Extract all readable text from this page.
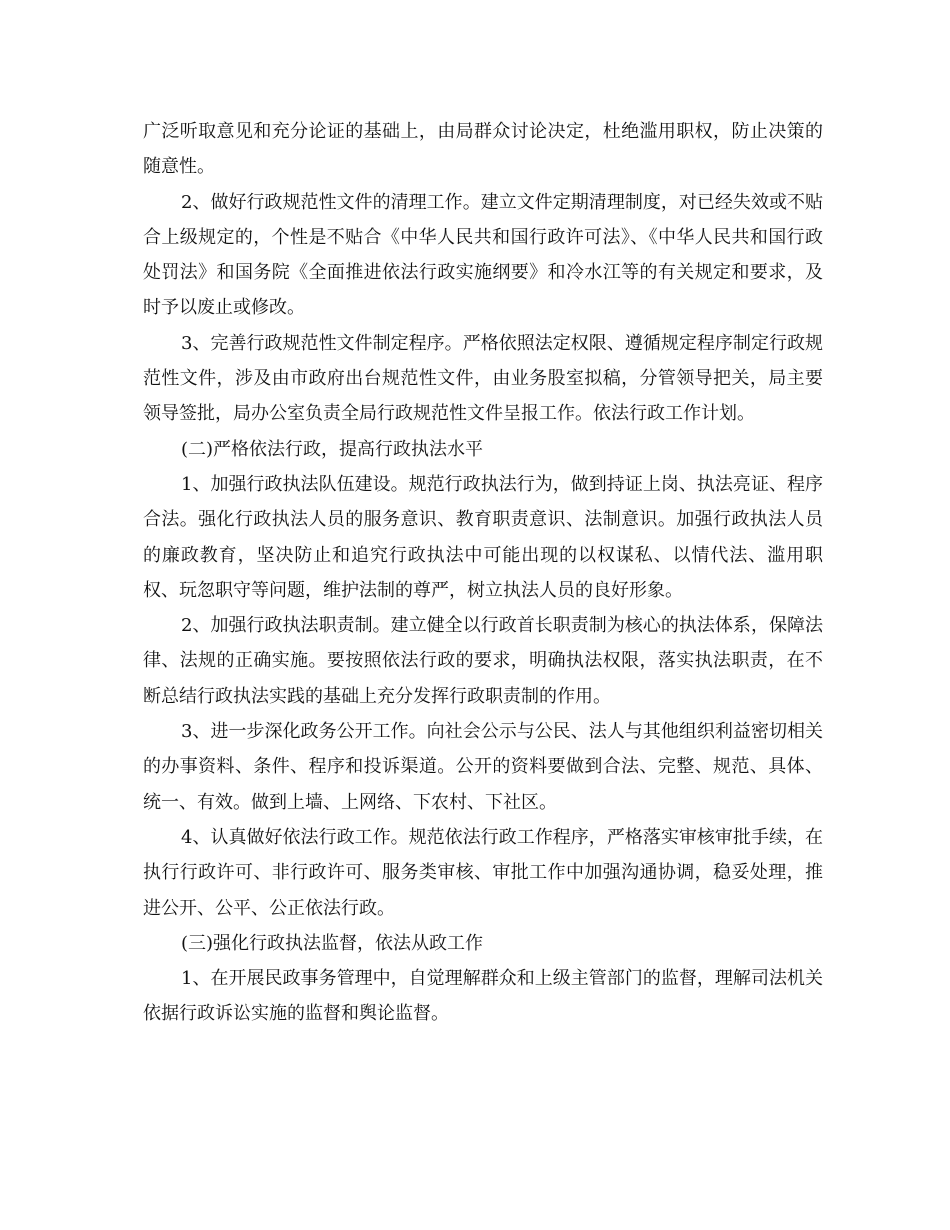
广泛听取意见和充分论证的基础上，由局群众讨论决定，杜绝滥用职权，防止决策的随意性。

2、做好行政规范性文件的清理工作。建立文件定期清理制度，对已经失效或不贴合上级规定的，个性是不贴合《中华人民共和国行政许可法》、《中华人民共和国行政处罚法》和国务院《全面推进依法行政实施纲要》和冷水江等的有关规定和要求，及时予以废止或修改。

3、完善行政规范性文件制定程序。严格依照法定权限、遵循规定程序制定行政规范性文件，涉及由市政府出台规范性文件，由业务股室拟稿，分管领导把关，局主要领导签批，局办公室负责全局行政规范性文件呈报工作。依法行政工作计划。

(二)严格依法行政，提高行政执法水平

1、加强行政执法队伍建设。规范行政执法行为，做到持证上岗、执法亮证、程序合法。强化行政执法人员的服务意识、教育职责意识、法制意识。加强行政执法人员的廉政教育，坚决防止和追究行政执法中可能出现的以权谋私、以情代法、滥用职权、玩忽职守等问题，维护法制的尊严，树立执法人员的良好形象。

2、加强行政执法职责制。建立健全以行政首长职责制为核心的执法体系，保障法律、法规的正确实施。要按照依法行政的要求，明确执法权限，落实执法职责，在不断总结行政执法实践的基础上充分发挥行政职责制的作用。

3、进一步深化政务公开工作。向社会公示与公民、法人与其他组织利益密切相关的办事资料、条件、程序和投诉渠道。公开的资料要做到合法、完整、规范、具体、统一、有效。做到上墙、上网络、下农村、下社区。

4、认真做好依法行政工作。规范依法行政工作程序，严格落实审核审批手续，在执行行政许可、非行政许可、服务类审核、审批工作中加强沟通协调，稳妥处理，推进公开、公平、公正依法行政。

(三)强化行政执法监督，依法从政工作

1、在开展民政事务管理中，自觉理解群众和上级主管部门的监督，理解司法机关依据行政诉讼实施的监督和舆论监督。
